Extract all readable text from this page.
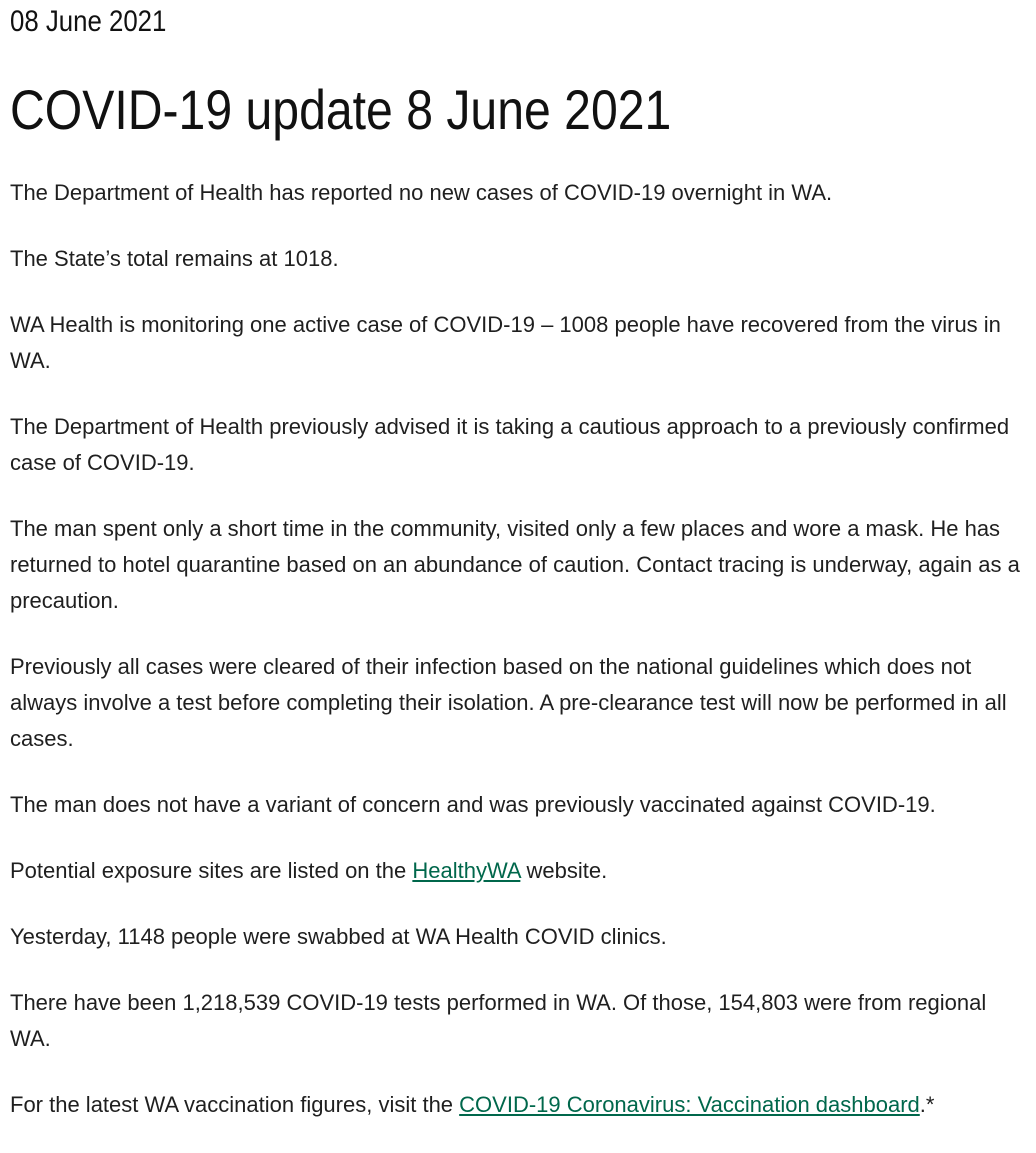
08 June 2021
COVID-19 update 8 June 2021

The Department of Health has reported no new cases of COVID-19 overnight in WA.

The State’s total remains at 1018.

WA Health is monitoring one active case of COVID-19 – 1008 people have recovered from the virus in WA.

The Department of Health previously advised it is taking a cautious approach to a previously confirmed case of COVID-19.

The man spent only a short time in the community, visited only a few places and wore a mask. He has returned to hotel quarantine based on an abundance of caution. Contact tracing is underway, again as a precaution.

Previously all cases were cleared of their infection based on the national guidelines which does not always involve a test before completing their isolation. A pre-clearance test will now be performed in all cases.

The man does not have a variant of concern and was previously vaccinated against COVID-19.

Potential exposure sites are listed on the HealthyWA website.

Yesterday, 1148 people were swabbed at WA Health COVID clinics.

There have been 1,218,539 COVID-19 tests performed in WA. Of those, 154,803 were from regional WA.

For the latest WA vaccination figures, visit the COVID-19 Coronavirus: Vaccination dashboard.*
